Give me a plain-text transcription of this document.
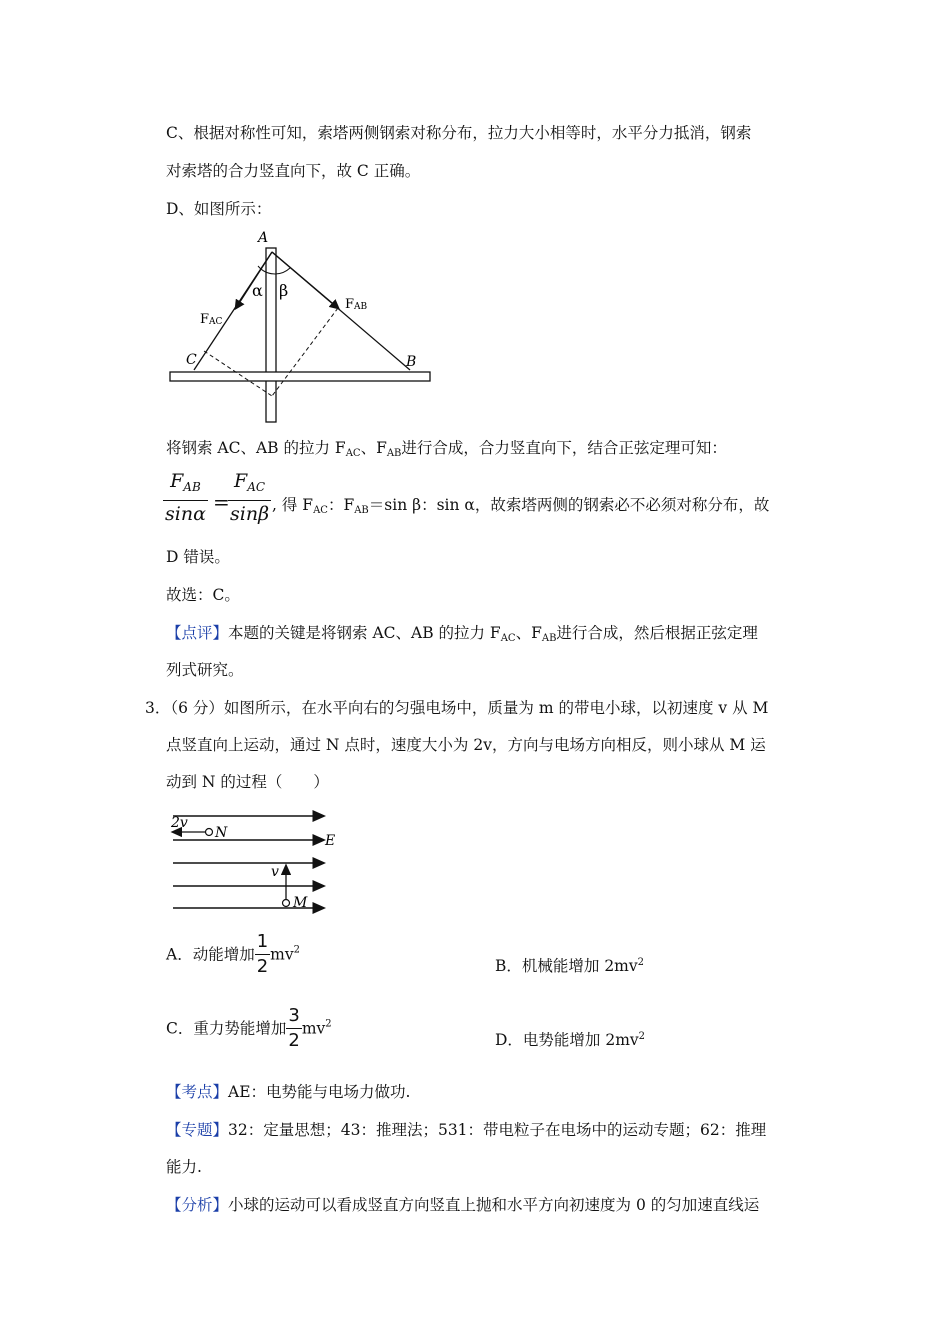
C、根据对称性可知，索塔两侧钢索对称分布，拉力大小相等时，水平分力抵消，钢索
对索塔的合力竖直向下，故 C 正确。
D、如图所示：
A
α β
FAC
FAB
C	B
将钢索 AC、AB 的拉力 $F_{AC}$、$F_{AB}$进行合成，合力竖直向下，结合正弦定理可知：
$F_{AB}$
sinα =
$F_{AC}$
sinβ , 得 $F_{AC}$：$F_{AB}=\sin$ β：sin α，故索塔两侧的钢索必不必须对称分布，故
D 错误。
故选：C。
【点评】本题的关键是将钢索 AC、AB 的拉力 $F_{AC}$、$F_{AB}$进行合成，然后根据正弦定理
列式研究。
3．（6 分）如图所示，在水平向右的匀强电场中，质量为 m 的带电小球，以初速度 v 从 M
点竖直向上运动，通过 N 点时，速度大小为 2v，方向与电场方向相反，则小球从 M 运
动到 N 的过程（　　）
2v
N	E
v
M
A．动能增加 $\frac{1}{2} mv^2$
B．机械能增加 $2mv^2$
C．重力势能增加 $\frac{3}{2} mv^2$
D．电势能增加 $2mv^2$
【考点】AE：电势能与电场力做功.
【专题】32：定量思想；43：推理法；531：带电粒子在电场中的运动专题；62：推理
能力.
【分析】小球的运动可以看成竖直方向竖直上抛和水平方向初速度为 0 的匀加速直线运
